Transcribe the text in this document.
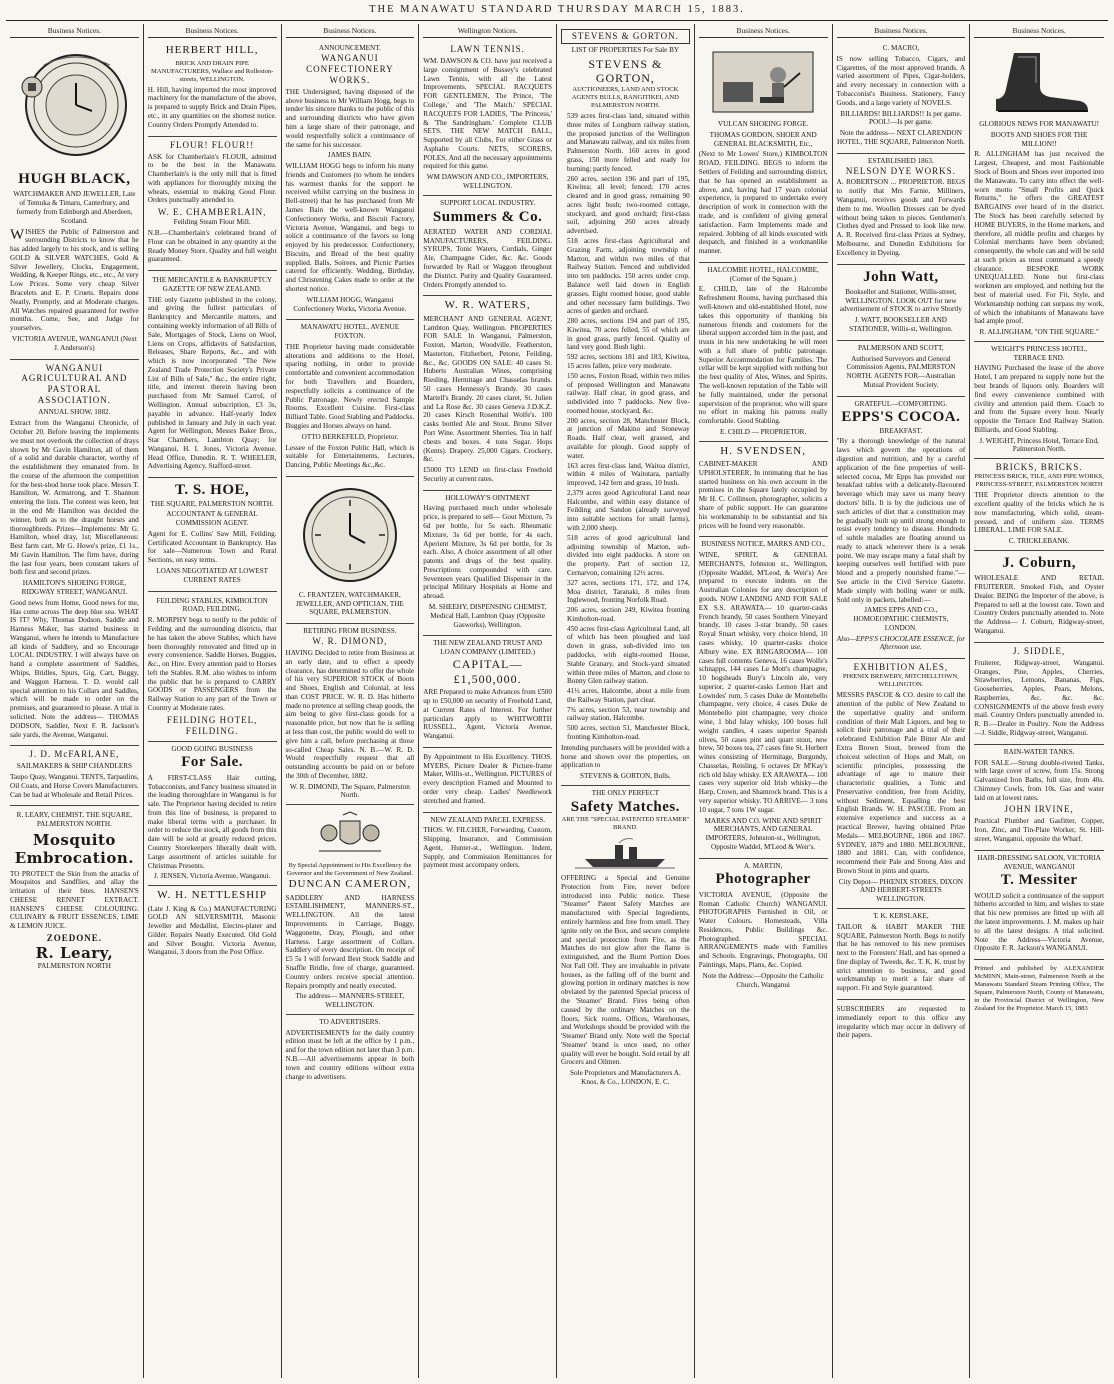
THE MANAWATU STANDARD THURSDAY MARCH 15, 1883.
Business Notices.
HUGH BLACK,
WATCHMAKER AND JEWELLER, Late of Temuka & Timaru, Canterbury, and formerly from Edinburgh and Aberdeen, Scotland.
WISHES the Public of Palmerston and surrounding Districts to know that he has added largely to his stock, and is selling GOLD & SILVER WATCHES, Gold & Silver Jewellery, Clocks, Engagement, Wedding, & Keeper Rings, etc., etc., At very Low Prices. Some very cheap Silver Bracelets and E. P. Cruets. Repairs done Neatly, Promptly, and at Moderate charges. All Watches repaired guaranteed for twelve months. Come, See, and Judge for yourselves.
VICTORIA AVENUE, WANGANUI (Next J. Anderson's)
WANGANUI AGRICULTURAL AND PASTORAL ASSOCIATION.
ANNUAL SHOW, 1882.
Extract from the Wanganui Chronicle, of October 20. Before leaving the implements we must not overlook the collection of drays shown by Mr Gavin Hamilton, all of them of a solid and durable character, worthy of the establishment they emanated from. In the course of the afternoon the competition for the best-shod horse took place. Messrs T. Hamilton, W. Armstrong, and T. Shannon entering the lists. The contest was keen, but in the end Mr Hamilton was decided the winner, both as to the draught horses and thoroughbreds. Prizes—Implements: Mr G. Hamilton, wheel dray, 1st; Miscellaneous: Best farm cart, Mr G. Howe's prize, £1 1s., Mr Gavin Hamilton. The firm have, during the last four years, been constant takers of both first and second prizes.
HAMILTON'S SHOEING FORGE, RIDGWAY STREET, WANGANUI.
Good news from Home, Good news for me, Has come across The deep blue sea. WHAT IS IT? Why, Thomas Dodson, Saddle and Harness Maker, has started business in Wanganui, where he intends to Manufacture all kinds of Saddlery, and so Encourage LOCAL INDUSTRY. I will always have on hand a complete assortment of Saddles, Whips, Bridles, Spurs, Gig, Cart, Buggy, and Waggon Harness. T. D. would call special attention to his Collars and Saddles, which will be made to order on the premises, and guaranteed to please. A trial is solicited. Note the address— THOMAS DODSON, Saddler, Next F. R. Jackson's sale yards, the Avenue, Wanganui.
J. D. McFARLANE,
SAILMAKERS & SHIP CHANDLERS
Taupo Quay, Wanganui. TENTS, Tarpaulins, Oil Coats, and Horse Covers Manufacturers. Can be had at Wholesale and Retail Prices.
R. LEARY, CHEMIST, THE SQUARE, PALMERSTON NORTH.
Mosquito Embrocation.
TO PROTECT the Skin from the attacks of Mosquitos and Sandflies, and allay the irritation of their bites. HANSEN'S CHEESE RENNET EXTRACT. HANSEN'S CHEESE COLOURING. CULINARY & FRUIT ESSENCES, LIME & LEMON JUICE.
ZOEDONE.
R. Leary,
PALMERSTON NORTH
Business Notices.
HERBERT HILL,
BRICK AND DRAIN PIPE MANUFACTURERS, Wallace and Rolleston-streets, WELLINGTON.
H. Hill, having imported the most improved machinery for the manufacture of the above, is prepared to supply Brick and Drain Pipes, etc., in any quantities on the shortest notice. Country Orders Promptly Attended to.
FLOUR! FLOUR!!
ASK for Chamberlain's FLOUR, admitted to be the best in the Manawatu. Chamberlain's is the only mill that is fitted with appliances for thoroughly mixing the wheats, essential to making Good Flour. Orders punctually attended to.
W. E. CHAMBERLAIN,
Feilding Steam Flour Mill.
N.B.—Chamberlain's celebrated brand of Flour can be obtained in any quantity at the Ready Money Store. Quality and full weight guaranteed.
THE MERCANTILE & BANKRUPTCY GAZETTE OF NEW ZEALAND.
THE only Gazette published in the colony, and giving the fullest particulars of Bankruptcy and Mercantile matters, and containing weekly information of all Bills of Sale, Mortgages of Stock, Liens on Wool, Liens on Crops, affidavits of Satisfaction, Releases, Share Reports, &c., and with which is now incorporated "The New Zealand Trade Protection Society's Private List of Bills of Sale," &c., the entire right, title, and interest therein having been purchased from Mr Samuel Carrol, of Wellington. Annual subscription, £3 3s, payable in advance. Half-yearly Index published in January and July in each year. Agent for Wellington, Messrs Baker Bros., Star Chambers, Lambton Quay; for Wanganui, H. I. Jones, Victoria Avenue. Head Office, Dunedin. R. T. WHEELER, Advertising Agency, Stafford-street.
T. S. HOE,
THE SQUARE, PALMERSTON NORTH.
ACCOUNTANT & GENERAL COMMISSION AGENT.
Agent for E. Collins' Saw Mill, Feilding. Certificated Accountant in Bankruptcy. Has for sale—Numerous Town and Rural Sections, on easy terms.
LOANS NEGOTIATED AT LOWEST CURRENT RATES
FEILDING STABLES, KIMBOLTON ROAD, FEILDING.
R. MORPHY begs to notify to the public of Feilding and the surrounding districts, that he has taken the above Stables, which have been thoroughly renovated and fitted up in every convenience. Saddle Horses, Buggies, &c., on Hire. Every attention paid to Horses left the Stables. R.M. also wishes to inform the public that he is prepared to CARRY GOODS or PASSENGERS from the Railway Station to any part of the Town or Country at Moderate rates.
FEILDING HOTEL, FEILDING.
GOOD GOING BUSINESS
For Sale.
A FIRST-CLASS Hair cutting, Tobacconists, and Fancy business situated in the leading thoroughfare in Wanganui is for sale. The Proprietor having decided to retire from this line of business, is prepared to make liberal terms with a purchaser. In order to reduce the stock, all goods from this date will be sold at greatly reduced prices. Country Storekeepers liberally dealt with. Large assortment of articles suitable for Christmas Presents.
J. JENSEN, Victoria Avenue, Wanganui.
W. H. NETTLESHIP
(Late J. King & Co.) MANUFACTURING GOLD AN SILVERSMITH, Masonic Jeweller and Medallist, Electro-plater and Gilder. Repairs Neatly Executed. Old Gold and Silver Bought. Victoria Avenue, Wanganui, 3 doors from the Post Office.
Business Notices.
ANNOUNCEMENT.
WANGANUI CONFECTIONERY WORKS.
THE Undersigned, having disposed of the above business to Mr William Hogg, begs to tender his sincere thanks to the public of this and surrounding districts who have given him a large share of their patronage, and would respectfully solicit a continuance of the same for his successor.
JAMES BAIN.
WILLIAM HOGG begs to inform his many friends and Customers (to whom he tenders his warmest thanks for the support he received whilst carrying on the business in Bell-street) that he has purchased from Mr James Bain the well-known Wanganui Confectionery Works, and Biscuit Factory, Victoria Avenue, Wanganui, and begs to solicit a continuance of the favors so long enjoyed by his predecessor. Confectionery, Biscuits, and Bread of the best quality supplied. Balls, Soirees, and Picnic Parties catered for efficiently. Wedding, Birthday, and Christening Cakes made to order at the shortest notice.
WILLIAM HOGG, Wanganui Confectionery Works, Victoria Avenue.
MANAWATU HOTEL, AVENUE FOXTON.
THE Proprietor having made considerable alterations and additions to the Hotel, sparing nothing, in order to provide comfortable and convenient accommodation for both Travellers and Boarders, respectfully solicits a continuance of the Public Patronage. Newly erected Sample Rooms. Excellent Cuisine. First-class Billiard Table. Good Stabling and Paddocks. Buggies and Horses always on hand.
OTTO BERKEFELD, Proprietor.
Lessee of the Foxton Public Hall, which is suitable for Entertainments, Lectures, Dancing, Public Meetings &c.,&c.
C. FRANTZEN, WATCHMAKER, JEWELLER, AND OPTICIAN, THE SQUARE, PALMERSTON.
RETIRING FROM BUSINESS.
W. R. DIMOND,
HAVING Decided to retire from Business at an early date, and to effect a speedy clearance, has determined to offer the whole of his very SUPERIOR STOCK of Boots and Shoes, English and Colonial, at less than COST PRICE. W. R. D. Has hitherto made no pretence at selling cheap goods, the aim being to give first-class goods for a reasonable price, but now that he is selling at less than cost, the public would do well to give him a call, before purchasing at those so-called Cheap Sales. N. B.—W. R. D. Would respectfully request that all outstanding accounts be paid on or before the 30th of December, 1882.
W. R. DIMOND, The Square, Palmerston North.
By Special Appointment to His Excellency the Governor and the Government of New Zealand.
DUNCAN CAMERON,
SADDLERY AND HARNESS ESTABLISHMENT, MANNERS-ST., WELLINGTON. All the latest Improvements in Carriage, Buggy, Waggonette, Dray, Plough, and other Harness. Large assortment of Collars. Saddlery of every description. On receipt of £5 5s I will forward Best Stock Saddle and Snaffle Bridle, free of charge, guaranteed. Country orders receive special attention. Repairs promptly and neatly executed.
The address— MANNERS-STREET, WELLINGTON.
TO ADVERTISERS.
ADVERTISEMENTS for the daily country edition must be left at the office by 1 p.m., and for the town edition not later than 3 p.m. N.B.—All advertisements appear in both town and country editions without extra charge to advertisers.
Wellington Notices.
LAWN TENNIS.
WM. DAWSON & CO. have just received a large consignment of Bussey's celebrated Lawn Tennis, with all the Latest Improvements. SPECIAL RACQUETS FOR GENTLEMEN, The Prince, 'The College,' and 'The Match.' SPECIAL RACQUETS FOR LADIES, 'The Princess,' & 'The Sandringham.' Complete CLUB SETS. THE NEW MATCH BALL, Supported by all Clubs, For either Grass or Asphalte Courts. NETS, SCORERS, POLES, And all the necessary appointments required for this game.
WM DAWSON AND CO., IMPORTERS, WELLINGTON.
SUPPORT LOCAL INDUSTRY.
Summers & Co.
AERATED WATER AND CORDIAL MANUFACTURERS, FEILDING. SYRUPS, Tonic Waters, Cordials, Ginger Ale, Champagne Cider, &c. &c. Goods forwarded by Rail or Waggon throughout the District. Purity and Quality Guaranteed. Orders Promptly attended to.
W. R. WATERS,
MERCHANT AND GENERAL AGENT, Lambton Quay, Wellington. PROPERTIES FOR SALE In Wanganui, Palmerston, Foxton, Marton, Woodville, Featherston, Masterton, Fitzherbert, Petone, Feilding, &c., &c. GOODS ON SALE: 40 cases St. Huberts Australian Wines, comprising Riesling, Hermitage and Chasselas brands. 50 cases Hennessy's Brandy. 30 cases Martell's Brandy. 20 cases claret, St. Julien and La Rose &c. 30 cases Geneva J.D.K.Z. 20 cases Kirsch Rosenthal Wolfe's. 100 casks bottled Ale and Stout. Bruno Silver Port Wine. Assortment Sherries. Tea in half chests and boxes. 4 tons Sugar. Hops (Kents). Drapery. 25,000 Cigars. Crockery, &c.
£5000 TO LEND on first-class Freehold Security at current rates.
HOLLOWAY'S OINTMENT
Having purchased much under wholesale price, is prepared to sell— Gout Mixture, 7s 6d per bottle, for 5s each. Rheumatic Mixture, 3s 6d per bottle, for 4s each. Aperient Mixture, 3s 6d per bottle, for 3s each. Also, A choice assortment of all other patents and drugs of the best quality. Prescriptions compounded with care. Seventeen years Qualified Dispenser in the principal Military Hospitals at Home and abroad.
M. SHEEHY, DISPENSING CHEMIST, Medical Hall, Lambton Quay (Opposite Gasworks), Wellington.
THE NEW ZEALAND TRUST AND LOAN COMPANY (LIMITED.)
CAPITAL—£1,500,000.
ARE Prepared to make Advances from £500 up to £50,000 on security of Freehold Land, at Current Rates of Interest. For further particulars apply to WHITWORTH RUSSELL, Agent, Victoria Avenue, Wanganui.
By Appointment to His Excellency. THOS. MYERS, Picture Dealer & Picture-frame Maker, Willis-st., Wellington. PICTURES of every description Framed and Mounted to order very cheap. Ladies' Needlework stretched and framed.
NEW ZEALAND PARCEL EXPRESS.
THOS. W. FILCHER, Forwarding, Custom, Shipping, Insurance, and Commission Agent, Hunter-st., Wellington. Indent, Supply, and Commission Remittances for payment must accompany orders.
STEVENS & GORTON.
LIST OF PROPERTIES For Sale BY
STEVENS & GORTON,
AUCTIONEERS, LAND AND STOCK AGENTS BULLS, RANGITIKEI, AND PALMERSTON NORTH.
539 acres first-class land, situated within three miles of Longburn railway station, the proposed junction of the Wellington and Manawatu railway, and six miles from Palmerston North. 160 acres in good grass, 150 more felled and ready for burning; partly fenced.
260 acres, section 196 and part of 195, Kiwitea; all level; fenced; 170 acres cleared and in good grass, remaining 90 acres light bush; two-roomed cottage, stockyard, and good orchard; first-class soil, adjoining 260 acres already advertised.
518 acres first-class Agricultural and Grazing Farm, adjoining township of Marton, and within two miles of that Railway Station. Fenced and subdivided into ten paddocks. 150 acres under crop. Balance well laid down in English grasses. Eight roomed house, good stable and other necessary farm buildings. Two acres of garden and orchard.
280 acres, sections 194 and part of 195, Kiwitea, 70 acres felled, 55 of which are in good grass, partly fenced. Quality of land very good. Bush light.
592 acres, sections 181 and 183, Kiwitea, 15 acres fallen, price very moderate.
150 acres, Foxton Road, within two miles of proposed Wellington and Manawatu railway. Half clear, in good grass, and subdivided into 7 paddocks. New five-roomed house, stockyard, &c.
200 acres, section 28, Manchester Block, at junction of Makino and Stoneway Roads. Half clear, well grassed, and available for plough. Good supply of water.
163 acres first-class land, Waitoa district, within 4 miles of Waitotara, partially improved, 142 fern and grass, 10 bush.
2,379 acres good Agricultural Land near Halcombe, and within easy distance of Feilding and Sandon (already surveyed into suitable sections for small farms), with 2,000 sheep.
518 acres of good agricultural land adjoining township of Marton, sub-divided into eight paddocks. A store on the property. Part of section 12, Cernarvon, containing 12½ acres.
327 acres, sections 171, 172, and 174, Moa district, Taranaki, 8 miles from Inglewood, fronting Norfolk Road.
206 acres, section 249, Kiwitea fronting Kimbolton-road.
450 acres first-class Agricultural Land, all of which has been ploughed and laid down in grass, sub-divided into ten paddocks, with eight-roomed House, Stable Granary, and Stock-yard situated within three miles of Marton, and close to Bonny Glen railway station.
41½ acres, Halcombe, about a mile from the Railway Station, part clear.
7¾ acres, section 53, near township and railway station, Halcombe.
500 acres, section 51, Manchester Block, fronting Kimbolton-road.
Intending purchasers will be provided with a horse and shown over the properties, on application to
STEVENS & GORTON, Bulls.
THE ONLY PERFECT
Safety Matches.
ARE THE "SPECIAL PATENTED STEAMER" BRAND.
OFFERING a Special and Genuine Protection from Fire, never before introduced into Public notice. These "Steamer" Patent Safety Matches are manufactured with Special Ingredients, entirely harmless and free from smell. They ignite only on the Box, and secure complete and special protection from Fire, as the Matches do not glow after the flame is extinguished, and the Burnt Portion Does Not Fall Off. They are invaluable in private houses, as the falling off of the burnt and glowing portion in ordinary matches is now obviated by the patented Special process of the 'Steamer' Brand. Fires being often caused by the ordinary Matches on the floors, Sick rooms, Offices, Warehouses, and Workshops should be provided with the 'Steamer' Brand only. Note well the Special 'Steamer' brand is once used, no other quality will ever be bought. Sold retail by all Grocers and Oilmen.
Sole Proprietors and Manufacturers A. Knos, & Co., LONDON, E. C.
Business Notices.
VULCAN SHOEING FORGE.
THOMAS GORDON, SHOER AND GENERAL BLACKSMITH, Etc.,
(Next to Mr Lowes' Store,) KIMBOLTON ROAD, FEILDING. BEGS to inform the Settlers of Feilding and surrounding district, that he has opened an establishment as above, and, having had 17 years colonial experience, is prepared to undertake every description of work in connection with the trade, and is confident of giving general satisfaction. Farm Implements made and repaired. Jobbing of all kinds executed with despatch, and finished in a workmanlike manner.
HALCOMBE HOTEL, HALCOMBE, (Corner of the Square.)
E. CHILD, late of the Halcombe Refreshment Rooms, having purchased this well-known and old-established Hotel, now takes this opportunity of thanking his numerous friends and customers for the liberal support accorded him in the past, and trusts in his new undertaking he will meet with a full share of public patronage. Superior Accommodation for Families. The cellar will be kept supplied with nothing but the best quality of Ales, Wines, and Spirits. The well-known reputation of the Table will be fully maintained, under the personal supervision of the proprietor, who will spare no effort in making his patrons really comfortable. Good Stabling.
E. CHILD — PROPRIETOR.
H. SVENDSEN,
CABINET-MAKER AND UPHOLSTERER, In intimating that he has started business on his own account in the premises in the Square lately occupied by Mr H. C. Collinson, photographer, solicits a share of public support. He can guarantee his workmanship to be substantial and his prices will be found very reasonable.
BUSINESS NOTICE, MARKS AND CO.,
WINE, SPIRIT, & GENERAL MERCHANTS, Johnston st., Wellington, (Opposite Waddel, M'Leod, & Weir's) Are prepared to execute indents on the Australian Colonies for any description of goods. NOW LANDING AND FOR SALE EX S.S. ARAWATA— 10 quarter-casks French brandy, 50 cases Southern Vineyard brandy, 10 cases 3-star brandy, 50 cases Royal Stuart whisky, very choice blend, 10 cases whisky, 10 quarter-casks choice Albury wine. EX RINGAROOMA— 100 cases full contents Geneva, 16 cases Wolfe's schnapps, 144 cases Le Mott's champagne, 10 hogsheads Bury's Lincoln ale, very superior, 2 quarter-casks Lemon Hart and Lowndes' rum, 5 cases Duke de Montebello champagne, very choice, 4 cases Duke de Montebello pint champagne, very choice wine, 1 bhd Islay whisky, 100 boxes full weight candles, 4 cases superior Spanish olives, 50 cases pint and quart stout, new brew, 50 boxes tea, 27 cases fine St. Herbert wines consisting of Hermitage, Burgundy, Chasselas, Reisling, 6 octaves Dr M'Kay's rich old Islay whisky. EX ARAWATA— 100 cases very superior old Irish whisky—the Harp, Crown, and Shamrock brand. This is a very superior whisky. TO ARRIVE— 3 tons 10 sugar, 7 tons 1W sugar.
MARKS AND CO. WINE AND SPIRIT MERCHANTS, AND GENERAL IMPORTERS, Johnston-st., Wellington, Opposite Waddel, M'Leod & Weir's.
A. MARTIN,
Photographer
VICTORIA AVENUE, (Opposite the Roman Catholic Church) WANGANUI. PHOTOGRAPHS Furnished in Oil, or Water Colours. Homesteads, Villa Residences, Public Buildings &c. Photographed. SPECIAL ARRANGEMENTS made with Families and Schools. Engravings, Photographs, Oil Paintings, Maps, Plans, &c. Copied.
Note the Address:—Opposite the Catholic Church, Wanganui
Business Notices.
C. MACRO,
IS now selling Tobacco, Cigars, and Cigarettes, of the most approved brands. A varied assortment of Pipes, Cigar-holders, and every necessary in connection with a Tobacconist's Business. Stationery, Fancy Goods, and a large variety of NOVELS.
BILLIARDS! BILLIARDS!! Is per game. POOL!—Is per game.
Note the address— NEXT CLARENDON HOTEL, THE SQUARE, Palmerston North.
ESTABLISHED 1863.
NELSON DYE WORKS.
A. ROBERTSON ... PROPRIETOR. BEGS to notify that Mrs Farnie, Milliners, Wanganui, receives goods and Forwards them to me. Woollen Dresses can be dyed without being taken to pieces. Gentlemen's Clothes dyed and Pressed to look like new. A. R. Received first-class Prizes at Sydney, Melbourne, and Dunedin Exhibitions for Excellency in Dyeing.
John Watt,
Bookseller and Stationer, Willis-street, WELLINGTON. LOOK OUT for new advertisement of STOCK to arrive Shortly
J. WATT, BOOKSELLER AND STATIONER, Willis-st, Wellington.
PALMERSON AND SCOTT,
Authorised Surveyors and General Commission Agents, PALMERSTON NORTH. AGENTS FOR—Australian Mutual Provident Society.
GRATEFUL—COMFORTING.
EPPS'S COCOA.
BREAKFAST.
"By a thorough knowledge of the natural laws which govern the operations of digestion and nutrition, and by a careful application of the fine properties of well-selected cocoa, Mr Epps has provided our breakfast tables with a delicately-flavoured beverage which may save us many heavy doctors' bills. It is by the judicious use of such articles of diet that a constitution may be gradually built up until strong enough to resist every tendency to disease. Hundreds of subtle maladies are floating around us ready to attack wherever there is a weak point. We may escape many a fatal shaft by keeping ourselves well fortified with pure blood and a properly nourished frame."—See article in the Civil Service Gazette. Made simply with boiling water or milk. Sold only in packets, labelled:—
JAMES EPPS AND CO., HOMOEOPATHIC CHEMISTS, LONDON.
Also—EPPS'S CHOCOLATE ESSENCE, for Afternoon use.
EXHIBITION ALES,
PHŒNIX BREWERY, MITCHELLTOWN, WELLINGTON.
MESSRS PASCOE & CO. desire to call the attention of the public of New Zealand to the superlative quality and uniform condition of their Malt Liquors, and beg to solicit their patronage and a trial of their celebrated Exhibition Pale Bitter Ale and Extra Brown Stout, brewed from the choicest selection of Hops and Malt, on scientific principles, possessing the advantage of age to mature their characteristic qualities, a Tonic and Preservative condition, free from Acidity, without Sediment, Equalling the best English Brands. W. H. PASCOE. From an extensive experience and success as a practical Brewer, having obtained Prize Medals— MELBOURNE, 1866 and 1867. SYDNEY, 1879 and 1880. MELBOURNE, 1880 and 1881. Can, with confidence, recommend their Pale and Strong Ales and Brown Stout in pints and quarts.
City Depot— PHŒNIX STORES, DIXON AND HERBERT-STREETS WELLINGTON.
T. K. KERSLAKE,
TAILOR & HABIT MAKER THE SQUARE, Palmerston North. Begs to notify that he has removed to his new premises next to the Foresters' Hall, and has opened a fine display of Tweeds, &c. T. K. K. trust by strict attention to business, and good workmanship to merit a fair share of support. Fit and Style guaranteed.
SUBSCRIBERS are requested to immediately report to this office any irregularity which may occur in delivery of their papers.
Business Notices.
GLORIOUS NEWS FOR MANAWATU!
BOOTS AND SHOES FOR THE MILLION!!
R. ALLINGHAM has just received the Largest, Cheapest, and most Fashionable Stock of Boots and Shoes ever imported into the Manawatu. To carry into effect the well-worn motto "Small Profits and Quick Returns," he offers the GREATEST BARGAINS ever heard of in the district. The Stock has been carefully selected by HOME BUYERS, in the Home markets, and therefore, all middle profits and charges by Colonial merchants have been obviated; consequently, the whole can and will be sold at such prices as must command a speedy clearance. BESPOKE WORK UNEQUALLED. None but first-class workmen are employed, and nothing but the best of material used. For Fit, Style, and Workmanship nothing can surpass my work, of which the inhabitants of Manawatu have had ample proof.
R. ALLINGHAM, "ON THE SQUARE."
WEIGHT'S PRINCESS HOTEL, TERRACE END.
HAVING Purchased the lease of the above Hotel, I am prepared to supply none but the best brands of liquors only. Boarders will find every convenience combined with civility and attention paid them. Coach to and from the Square every hour. Nearly opposite the Terrace End Railway Station. Billiards, and Good Stabling.
J. WEIGHT, Princess Hotel, Terrace End, Palmerston North.
BRICKS, BRICKS.
PRINCESS BRICK, TILE, AND PIPE WORKS, PRINCESS-STREET, PALMERSTON NORTH
THE Proprietor directs attention to the excellent quality of the bricks which he is now manufacturing, which solid, steam-pressed, and of uniform size. TERMS LIBERAL. LIME FOR SALE.
C. TRICKLEBANK.
J. Coburn,
WHOLESALE AND RETAIL FRUITERER. Smoked Fish, and Oyster Dealer. BEING the Importer of the above, is Prepared to sell at the lowest rate. Town and Country Orders punctually attended to. Note the Address— J. Coburn, Ridgway-street, Wanganui.
J. SIDDLE,
Fruiterer, Ridgway-street, Wanganui. Oranges, Pine, Apples, Cherries, Strawberries, Lemons, Bananas, Figs, Gooseberries, Apples, Pears, Melons, Raspberries, &c. &c. &c. CONSIGNMENTS of the above fresh every mail. Country Orders punctually attended to. R. B.—Dealer in Poultry. Note the Address—J. Siddle, Ridgway-street, Wanganui.
RAIN-WATER TANKS.
FOR SALE.—Strong double-riveted Tanks, with large cover of screw, from 15s. Strong Galvanized Iron Baths, full size, from 40s. Chimney Cowls, from 10s. Gas and water laid on at lowest rates.
JOHN IRVINE,
Practical Plumber and Gasfitter, Copper, Iron, Zinc, and Tin-Plate Worker, St. Hill-street, Wanganui, opposite the Wharf.
HAIR-DRESSING SALOON, VICTORIA AVENUE, WANGANUI
T. Messiter
WOULD solicit a continuance of the support hitherto accorded to him, and wishes to state that his new premises are fitted up with all the latest improvements. J. M. makes up hair to all the latest designs. A trial solicited. Note the Address—Victoria Avenue, Opposite F. R. Jackson's WANGANUI.
Printed and published by ALEXANDER McMINN, Main-street, Palmerston North at the Manawatu Standard Steam Printing Office, The Square, Palmerston North, County of Manawatu, in the Provincial District of Wellington, New Zealand for the Proprietor. March 15, 1883
